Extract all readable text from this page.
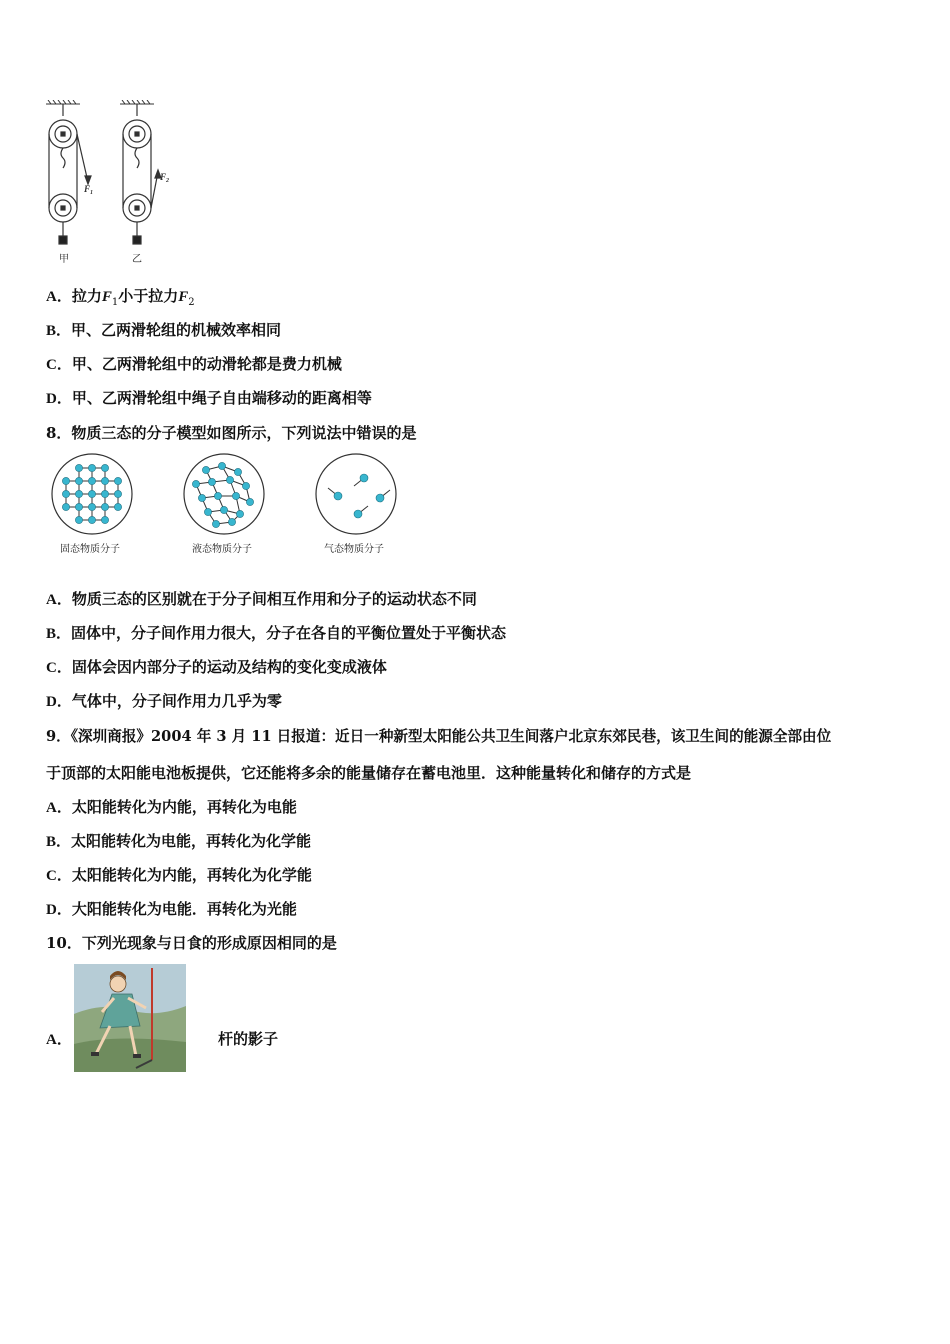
$F_1$
$F_2$
甲	乙
A．拉力$F_1$小于拉力$F_2$
B．甲、乙两滑轮组的机械效率相同
C．甲、乙两滑轮组中的动滑轮都是费力机械
D．甲、乙两滑轮组中绳子自由端移动的距离相等
8．物质三态的分子模型如图所示，下列说法中错误的是
固态物质分子	液态物质分子	气态物质分子
A．物质三态的区别就在于分子间相互作用和分子的运动状态不同
B．固体中，分子间作用力很大，分子在各自的平衡位置处于平衡状态
C．固体会因内部分子的运动及结构的变化变成液体
D．气体中，分子间作用力几乎为零
9．《深圳商报》2004 年 3 月 11 日报道：近日一种新型太阳能公共卫生间落户北京东郊民巷，该卫生间的能源全部由位
于顶部的太阳能电池板提供，它还能将多余的能量储存在蓄电池里．这种能量转化和储存的方式是
A．太阳能转化为内能，再转化为电能
B．太阳能转化为电能，再转化为化学能
C．太阳能转化为内能，再转化为化学能
D．大阳能转化为电能．再转化为光能
10．下列光现象与日食的形成原因相同的是
A．	杆的影子
